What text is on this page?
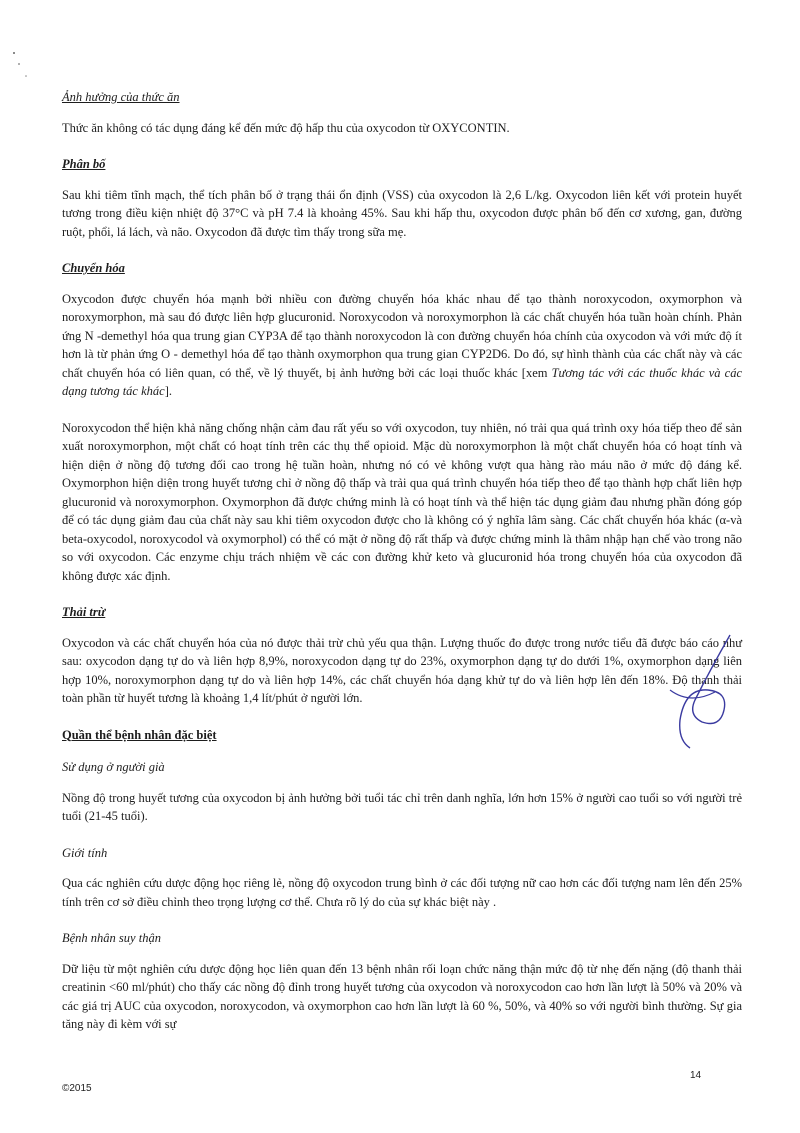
Ảnh hưởng của thức ăn

Thức ăn không có tác dụng đáng kể đến mức độ hấp thu của oxycodon từ OXYCONTIN.

Phân bố

Sau khi tiêm tĩnh mạch, thể tích phân bố ở trạng thái ổn định (VSS) của oxycodon là 2,6 L/kg. Oxycodon liên kết với protein huyết tương trong điều kiện nhiệt độ 37°C và pH 7.4 là khoảng 45%. Sau khi hấp thu, oxycodon được phân bố đến cơ xương, gan, đường ruột, phổi, lá lách, và não. Oxycodon đã được tìm thấy trong sữa mẹ.

Chuyển hóa

Oxycodon được chuyển hóa mạnh bởi nhiều con đường chuyển hóa khác nhau để tạo thành noroxycodon, oxymorphon và noroxymorphon, mà sau đó được liên hợp glucuronid. Noroxycodon và noroxymorphon là các chất chuyển hóa tuần hoàn chính. Phản ứng N -demethyl hóa qua trung gian CYP3A để tạo thành noroxycodon là con đường chuyển hóa chính của oxycodon và với mức độ ít hơn là từ phản ứng O - demethyl hóa để tạo thành oxymorphon qua trung gian CYP2D6. Do đó, sự hình thành của các chất này và các chất chuyển hóa có liên quan, có thể, về lý thuyết, bị ảnh hưởng bởi các loại thuốc khác [xem Tương tác với các thuốc khác và các dạng tương tác khác].

Noroxycodon thể hiện khả năng chống nhận cảm đau rất yếu so với oxycodon, tuy nhiên, nó trải qua quá trình oxy hóa tiếp theo để sản xuất noroxymorphon, một chất có hoạt tính trên các thụ thể opioid. Mặc dù noroxymorphon là một chất chuyển hóa có hoạt tính và hiện diện ở nồng độ tương đối cao trong hệ tuần hoàn, nhưng nó có vẻ không vượt qua hàng rào máu não ở mức độ đáng kể. Oxymorphon hiện diện trong huyết tương chỉ ở nồng độ thấp và trải qua quá trình chuyển hóa tiếp theo để tạo thành hợp chất liên hợp glucuronid và noroxymorphon. Oxymorphon đã được chứng minh là có hoạt tính và thể hiện tác dụng giảm đau nhưng phần đóng góp để có tác dụng giảm đau của chất này sau khi tiêm oxycodon được cho là không có ý nghĩa lâm sàng. Các chất chuyển hóa khác (α-và beta-oxycodol, noroxycodol và oxymorphol) có thể có mặt ở nồng độ rất thấp và được chứng minh là thâm nhập hạn chế vào trong não so với oxycodon. Các enzyme chịu trách nhiệm về các con đường khử keto và glucuronid hóa trong chuyển hóa của oxycodon đã không được xác định.

Thải trừ

Oxycodon và các chất chuyển hóa của nó được thải trừ chủ yếu qua thận. Lượng thuốc đo được trong nước tiểu đã được báo cáo như sau: oxycodon dạng tự do và liên hợp 8,9%, noroxycodon dạng tự do 23%, oxymorphon dạng tự do dưới 1%, oxymorphon dạng liên hợp 10%, noroxymorphon dạng tự do và liên hợp 14%, các chất chuyển hóa dạng khử tự do và liên hợp lên đến 18%. Độ thanh thải toàn phần từ huyết tương là khoảng 1,4 lít/phút ở người lớn.

Quần thể bệnh nhân đặc biệt
Sử dụng ở người già

Nồng độ trong huyết tương của oxycodon bị ảnh hưởng bởi tuổi tác chỉ trên danh nghĩa, lớn hơn 15% ở người cao tuổi so với người trẻ tuổi (21-45 tuổi).

Giới tính

Qua các nghiên cứu dược động học riêng lẻ, nồng độ oxycodon trung bình ở các đối tượng nữ cao hơn các đối tượng nam lên đến 25% tính trên cơ sở điều chỉnh theo trọng lượng cơ thể. Chưa rõ lý do của sự khác biệt này .

Bệnh nhân suy thận

Dữ liệu từ một nghiên cứu dược động học liên quan đến 13 bệnh nhân rối loạn chức năng thận mức độ từ nhẹ đến nặng (độ thanh thải creatinin <60 ml/phút) cho thấy các nồng độ đỉnh trong huyết tương của oxycodon và noroxycodon cao hơn lần lượt là 50% và 20% và các giá trị AUC của oxycodon, noroxycodon, và oxymorphon cao hơn lần lượt là 60 %, 50%, và 40% so với người bình thường. Sự gia tăng này đi kèm với sự

©2015
14
